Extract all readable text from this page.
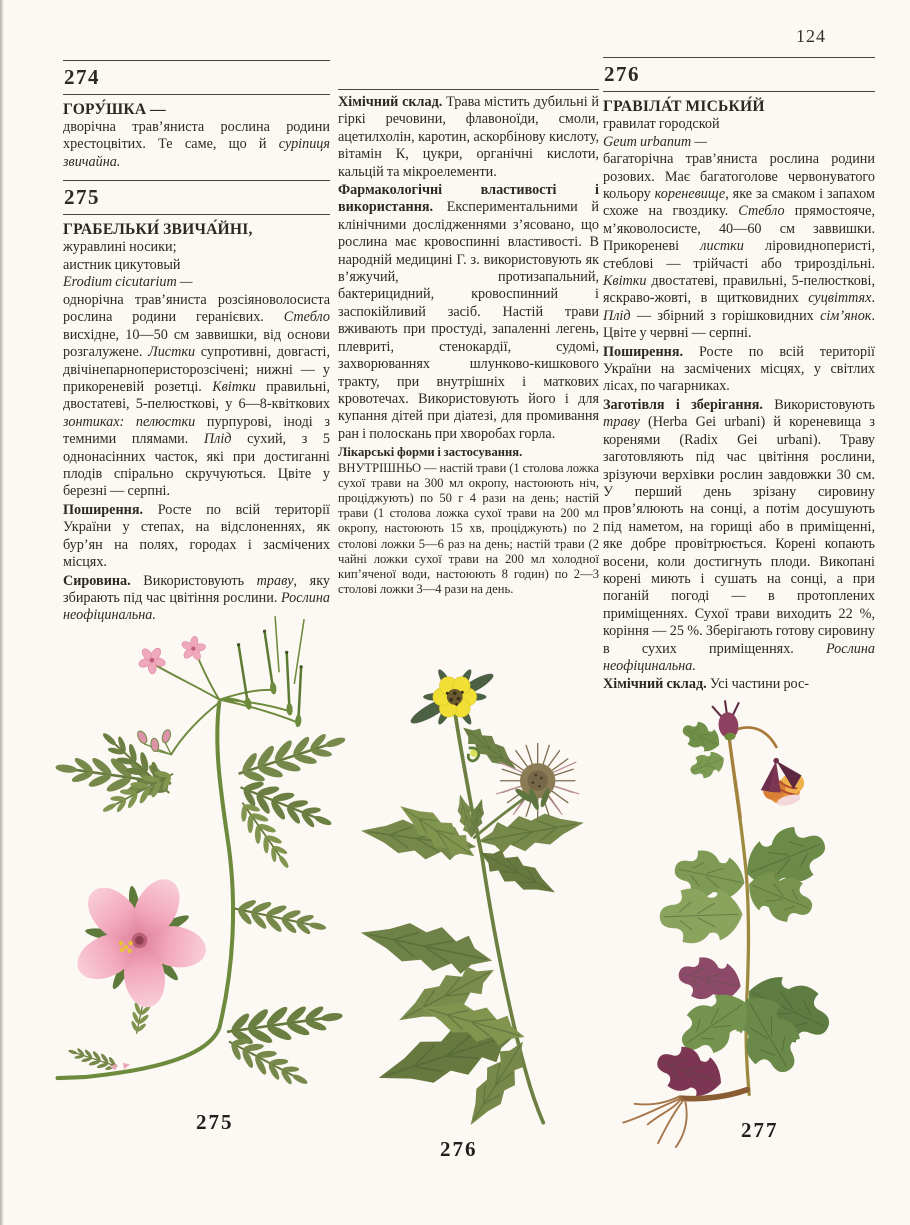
124
274
ГОРУ́ШКА —

дворічна трав’яниста рослина родини хрестоцвітих. Те саме, що й суріпиця звичайна.

275
ГРАБЕЛЬКИ́ ЗВИЧА́ЙНІ,
журавлині носики;
аистник цикутовый
Erodium cicutarium —

однорічна трав’яниста розсіяноволосиста рослина родини геранієвих. Стебло висхідне, 10—50 см заввишки, від основи розгалужене. Листки супротивні, довгасті, двічінепарноперисторозсічені; нижні — у прикореневій розетці. Квітки правильні, двостатеві, 5-пелюсткові, у 6—8-квіткових зонтиках: пелюстки пурпурові, іноді з темними плямами. Плід сухий, з 5 однонасінних часток, які при достиганні плодів спірально скручуються. Цвіте у березні — серпні.

Поширення. Росте по всій території України у степах, на відслоненнях, як бур’ян на полях, городах і засмічених місцях.

Сировина. Використовують траву, яку збирають під час цвітіння рослини. Рослина неофіцинальна.

Хімічний склад. Трава містить дубильні й гіркі речовини, флавоноїди, смоли, ацетилхолін, каротин, аскорбінову кислоту, вітамін К, цукри, органічні кислоти, кальцій та мікроелементи.

Фармакологічні властивості і використання. Експериментальними й клінічними дослідженнями з’ясовано, що рослина має кровоспинні властивості. В народній медицині Г. з. використовують як в’яжучий, протизапальний, бактерицидний, кровоспинний і заспокійливий засіб. Настій трави вживають при простуді, запаленні легень, плевриті, стенокардії, судомі, захворюваннях шлунково-кишкового тракту, при внутрішніх і маткових кровотечах. Використовують його і для купання дітей при діатезі, для промивання ран і полоскань при хворобах горла.

Лікарські форми і застосування.

ВНУТРІШНЬО — настій трави (1 столова ложка сухої трави на 300 мл окропу, настоюють ніч, проціджують) по 50 г 4 рази на день; настій трави (1 столова ложка сухої трави на 200 мл окропу, настоюють 15 хв, проціджують) по 2 столові ложки 5—6 раз на день; настій трави (2 чайні ложки сухої трави на 200 мл холодної кип’яченої води, настоюють 8 годин) по 2—3 столові ложки 3—4 рази на день.

276
ГРАВІЛА́Т МІСЬКИ́Й
гравилат городской
Geum urbanum —

багаторічна трав’яниста рослина родини розових. Має багатоголове червонуватого кольору кореневище, яке за смаком і запахом схоже на гвоздику. Стебло прямостояче, м’яковолосисте, 40—60 см заввишки. Прикореневі листки ліровидноперисті, стеблові — трійчасті або трироздільні. Квітки двостатеві, правильні, 5-пелюсткові, яскраво-жовті, в щитковидних суцвіттях. Плід — збірний з горішковидних сім’янок. Цвіте у червні — серпні.

Поширення. Росте по всій території України на засмічених місцях, у світлих лісах, по чагарниках.

Заготівля і зберігання. Використовують траву (Herba Gei urbani) й кореневища з коренями (Radix Gei urbani). Траву заготовляють під час цвітіння рослини, зрізуючи верхівки рослин завдовжки 30 см. У перший день зрізану сировину пров’ялюють на сонці, а потім досушують під наметом, на горищі або в приміщенні, яке добре провітрюється. Корені копають восени, коли достигнуть плоди. Викопані корені миють і сушать на сонці, а при поганій погоді — в протоплених приміщеннях. Сухої трави виходить 22 %, коріння — 25 %. Зберігають готову сировину в сухих приміщеннях. Рослина неофіцинальна.

Хімічний склад. Усі частини рос-

275
276
277
